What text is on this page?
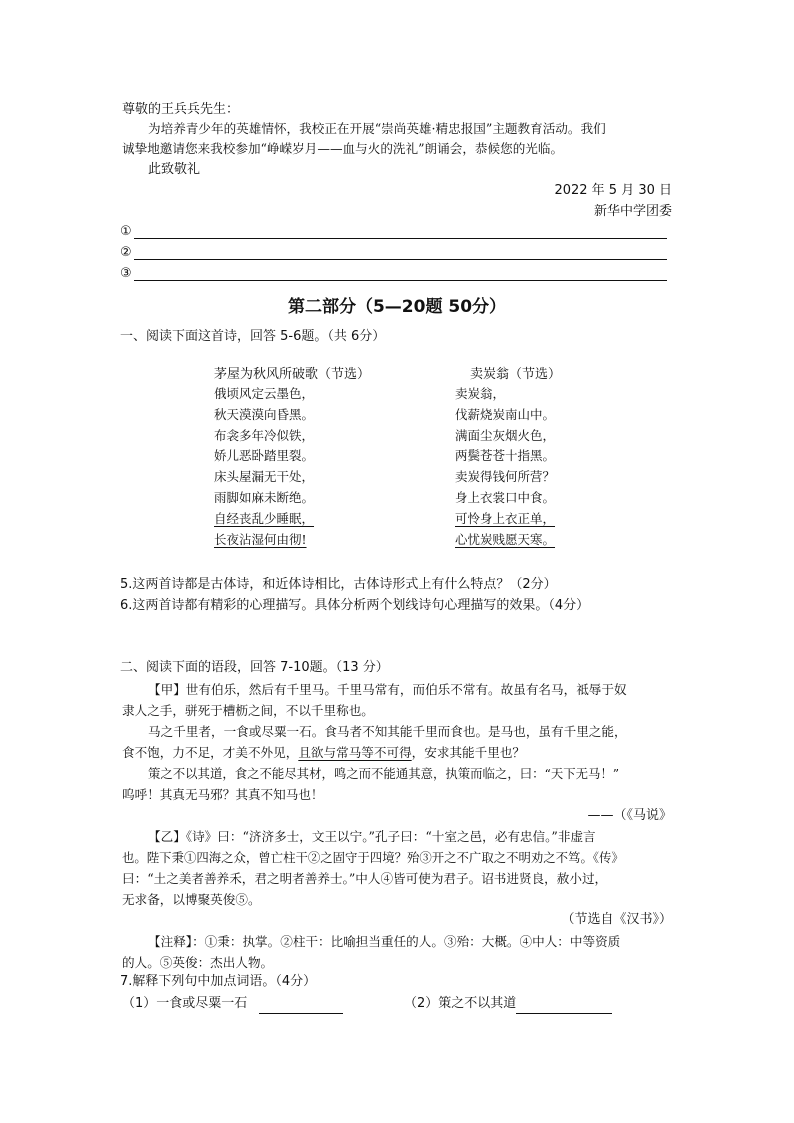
尊敬的王兵兵先生：
为培养青少年的英雄情怀，我校正在开展“崇尚英雄·精忠报国”主题教育活动。我们
诚挚地邀请您来我校参加“峥嵘岁月——血与火的洗礼”朗诵会，恭候您的光临。
此致敬礼
2022 年 5 月 30 日
新华中学团委
①
②
③
第二部分（5—20题 50分）
一、阅读下面这首诗，回答 5-6题。（共 6分）
茅屋为秋风所破歌（节选）
俄顷风定云墨色，
秋天漠漠向昏黑。
布衾多年冷似铁，
娇儿恶卧踏里裂。
床头屋漏无干处，
雨脚如麻未断绝。
自经丧乱少睡眠，
长夜沾湿何由彻!
卖炭翁（节选）
卖炭翁，
伐薪烧炭南山中。
满面尘灰烟火色，
两鬓苍苍十指黑。
卖炭得钱何所营？
身上衣裳口中食。
可怜身上衣正单，
心忧炭贱愿天寒。
5.这两首诗都是古体诗，和近体诗相比，古体诗形式上有什么特点？（2分）
6.这两首诗都有精彩的心理描写。具体分析两个划线诗句心理描写的效果。（4分）
二、阅读下面的语段，回答 7-10题。（13 分）
【甲】世有伯乐，然后有千里马。千里马常有，而伯乐不常有。故虽有名马，祗辱于奴
隶人之手，骈死于槽枥之间，不以千里称也。
马之千里者，一食或尽粟一石。食马者不知其能千里而食也。是马也，虽有千里之能，
食不饱，力不足，才美不外见，且欲与常马等不可得，安求其能千里也？
策之不以其道，食之不能尽其材，鸣之而不能通其意，执策而临之，曰：“天下无马！”
呜呼！其真无马邪？其真不知马也！
——（《马说》
【乙】《诗》曰：“济济多士，文王以宁。”孔子曰：“十室之邑，必有忠信。”非虚言
也。陛下秉①四海之众，曾亡柱干②之固守于四境？殆③开之不广取之不明劝之不笃。《传》
曰：“土之美者善养禾，君之明者善养士。”中人④皆可使为君子。诏书进贤良，赦小过，
无求备，以博聚英俊⑤。
（节选自《汉书》）
【注释】：①秉：执掌。②柱干：比喻担当重任的人。③殆：大概。④中人：中等资质
的人。⑤英俊：杰出人物。
7.解释下列句中加点词语。（4分）
（1）一食或尽粟一石	（2）策之不以其道
